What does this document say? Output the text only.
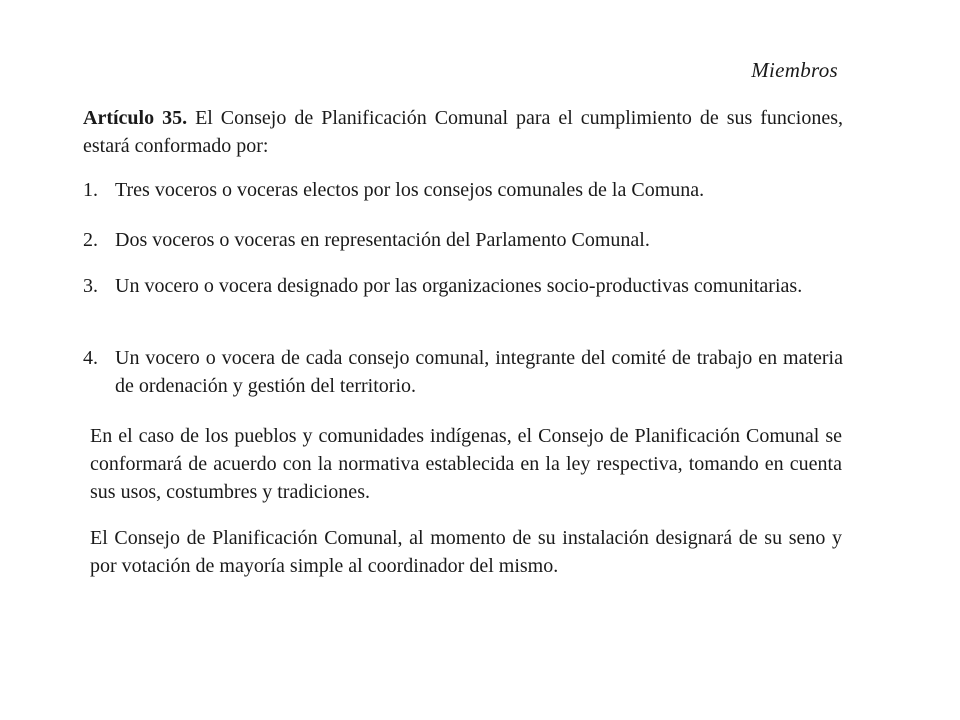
Miembros
Artículo 35. El Consejo de Planificación Comunal para el cumplimiento de sus funciones, estará conformado por:
1. Tres voceros o voceras electos por los consejos comunales de la Comuna.
2. Dos voceros o voceras en representación del Parlamento Comunal.
3. Un vocero o vocera designado por las organizaciones socio-productivas comunitarias.
4. Un vocero o vocera de cada consejo comunal, integrante del comité de trabajo en materia de ordenación y gestión del territorio.
En el caso de los pueblos y comunidades indígenas, el Consejo de Planificación Comunal se conformará de acuerdo con la normativa establecida en la ley respectiva, tomando en cuenta sus usos, costumbres y tradiciones.
El Consejo de Planificación Comunal, al momento de su instalación designará de su seno y por votación de mayoría simple al coordinador del mismo.
